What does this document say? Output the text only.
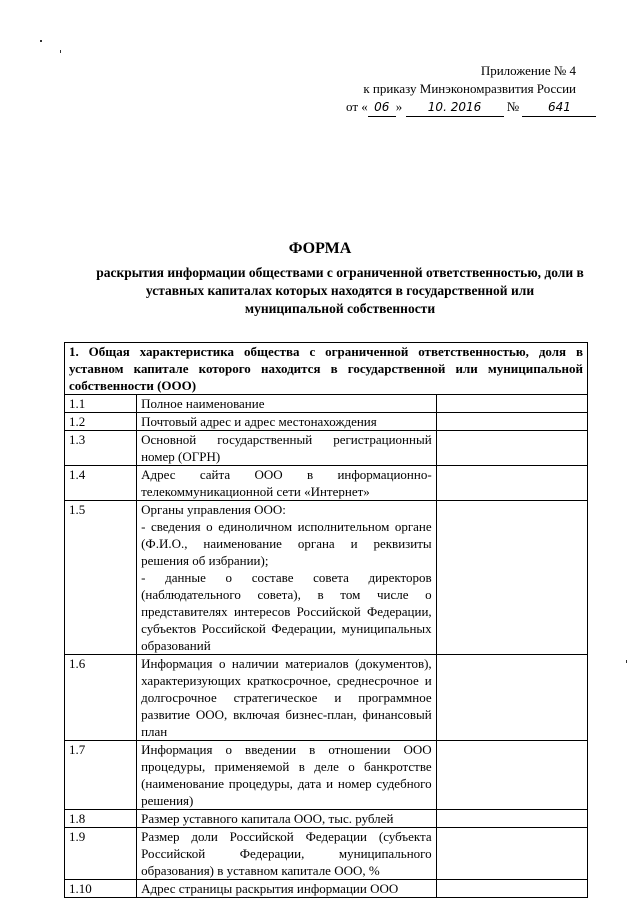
Приложение № 4
к приказу Минэкономразвития России
от « 06 » 10. 2016 № 641
ФОРМА
раскрытия информации обществами с ограниченной ответственностью, доли в уставных капиталах которых находятся в государственной или муниципальной собственности
1. Общая характеристика общества с ограниченной ответственностью, доля в уставном капитале которого находится в государственной или муниципальной собственности (ООО)		
1.1	Полное наименование	
1.2	Почтовый адрес и адрес местонахождения	
1.3	Основной государственный регистрационный номер (ОГРН)	
1.4	Адрес сайта ООО в информационно-телекоммуникационной сети «Интернет»	
1.5	Органы управления ООО:
- сведения о единоличном исполнительном органе (Ф.И.О., наименование органа и реквизиты решения об избрании);
- данные о составе совета директоров (наблюдательного совета), в том числе о представителях интересов Российской Федерации, субъектов Российской Федерации, муниципальных образований	

1.6	Информация о наличии материалов (документов), характеризующих краткосрочное, среднесрочное и долгосрочное стратегическое и программное развитие ООО, включая бизнес-план, финансовый план	
1.7	Информация о введении в отношении ООО процедуры, применяемой в деле о банкротстве (наименование процедуры, дата и номер судебного решения)	
1.8	Размер уставного капитала ООО, тыс. рублей	
1.9	Размер доли Российской Федерации (субъекта Российской Федерации, муниципального образования) в уставном капитале ООО, %	
1.10	Адрес страницы раскрытия информации ООО	
